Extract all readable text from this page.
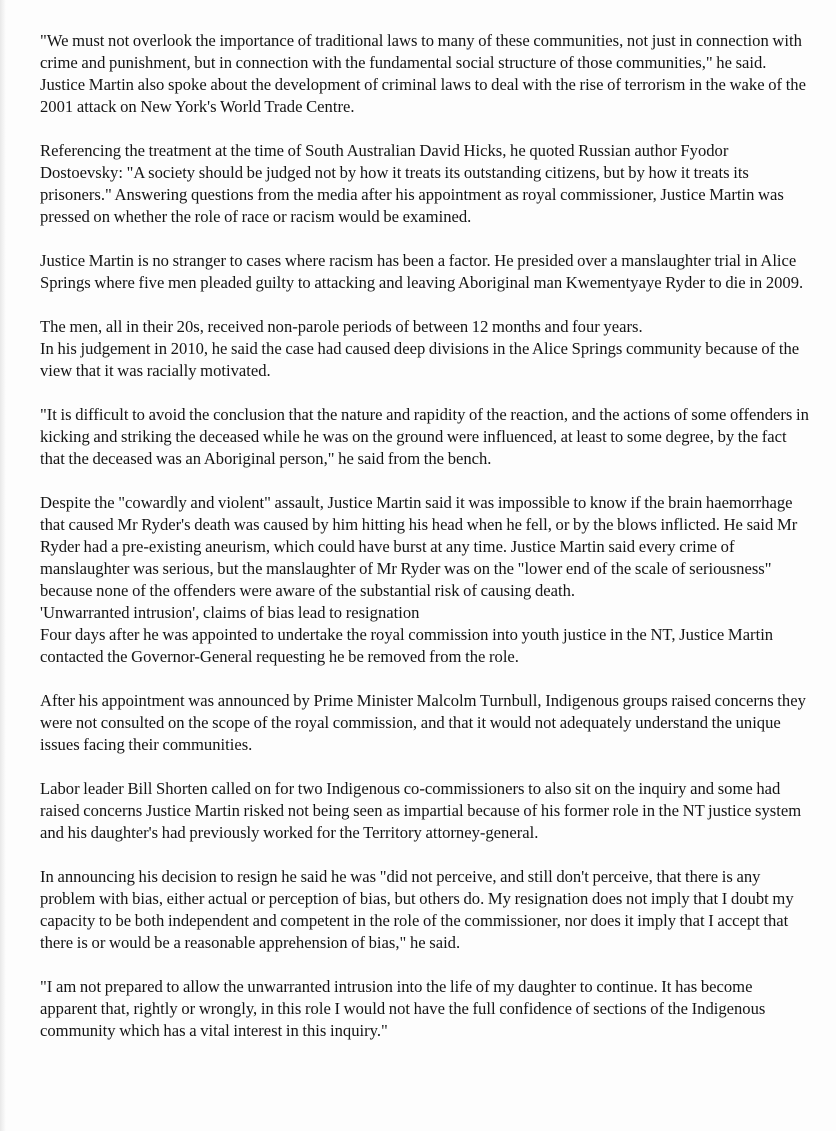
"We must not overlook the importance of traditional laws to many of these communities, not just in connection with crime and punishment, but in connection with the fundamental social structure of those communities," he said. Justice Martin also spoke about the development of criminal laws to deal with the rise of terrorism in the wake of the 2001 attack on New York's World Trade Centre.

Referencing the treatment at the time of South Australian David Hicks, he quoted Russian author Fyodor Dostoevsky: "A society should be judged not by how it treats its outstanding citizens, but by how it treats its prisoners." Answering questions from the media after his appointment as royal commissioner, Justice Martin was pressed on whether the role of race or racism would be examined.

Justice Martin is no stranger to cases where racism has been a factor. He presided over a manslaughter trial in Alice Springs where five men pleaded guilty to attacking and leaving Aboriginal man Kwementyaye Ryder to die in 2009.

The men, all in their 20s, received non-parole periods of between 12 months and four years.
In his judgement in 2010, he said the case had caused deep divisions in the Alice Springs community because of the view that it was racially motivated.

"It is difficult to avoid the conclusion that the nature and rapidity of the reaction, and the actions of some offenders in kicking and striking the deceased while he was on the ground were influenced, at least to some degree, by the fact that the deceased was an Aboriginal person," he said from the bench.

Despite the "cowardly and violent" assault, Justice Martin said it was impossible to know if the brain haemorrhage that caused Mr Ryder's death was caused by him hitting his head when he fell, or by the blows inflicted. He said Mr Ryder had a pre-existing aneurism, which could have burst at any time. Justice Martin said every crime of manslaughter was serious, but the manslaughter of Mr Ryder was on the "lower end of the scale of seriousness" because none of the offenders were aware of the substantial risk of causing death.

'Unwarranted intrusion', claims of bias lead to resignation

Four days after he was appointed to undertake the royal commission into youth justice in the NT, Justice Martin contacted the Governor-General requesting he be removed from the role.

After his appointment was announced by Prime Minister Malcolm Turnbull, Indigenous groups raised concerns they were not consulted on the scope of the royal commission, and that it would not adequately understand the unique issues facing their communities.

Labor leader Bill Shorten called on for two Indigenous co-commissioners to also sit on the inquiry and some had raised concerns Justice Martin risked not being seen as impartial because of his former role in the NT justice system and his daughter's had previously worked for the Territory attorney-general.

In announcing his decision to resign he said he was "did not perceive, and still don't perceive, that there is any problem with bias, either actual or perception of bias, but others do. My resignation does not imply that I doubt my capacity to be both independent and competent in the role of the commissioner, nor does it imply that I accept that there is or would be a reasonable apprehension of bias," he said.

"I am not prepared to allow the unwarranted intrusion into the life of my daughter to continue. It has become apparent that, rightly or wrongly, in this role I would not have the full confidence of sections of the Indigenous community which has a vital interest in this inquiry."
